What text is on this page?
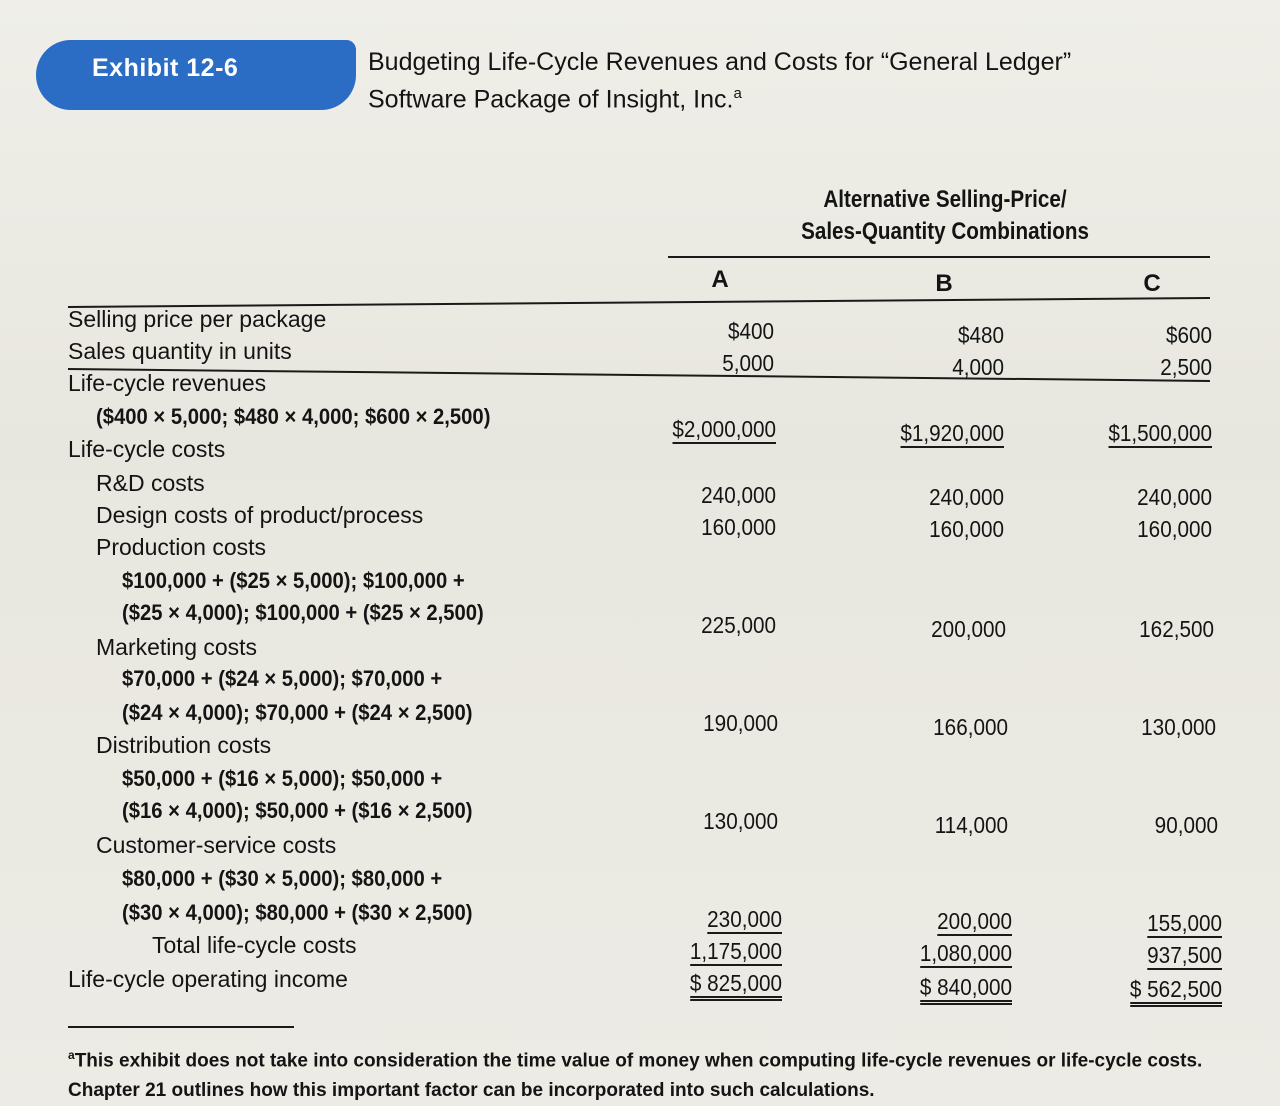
Exhibit 12-6	Budgeting Life-Cycle Revenues and Costs for “General Ledger”
Software Package of Insight, Inc.$^a$
Alternative Selling-Price/
Sales-Quantity Combinations
A	B	C
Selling price per package	$400	$480	$600
Sales quantity in units	5,000	4,000	2,500
Life-cycle revenues
($400 × 5,000; $480 × 4,000; $600 × 2,500)	$2,000,000	$1,920,000	$1,500,000
Life-cycle costs
R&D costs	240,000	240,000	240,000
Design costs of product/process	160,000	160,000	160,000
Production costs
$100,000 + ($25 × 5,000); $100,000 +
($25 × 4,000); $100,000 + ($25 × 2,500)	225,000	200,000	162,500
Marketing costs
$70,000 + ($24 × 5,000); $70,000 +
($24 × 4,000); $70,000 + ($24 × 2,500)	190,000	166,000	130,000
Distribution costs
$50,000 + ($16 × 5,000); $50,000 +
($16 × 4,000); $50,000 + ($16 × 2,500)	130,000	114,000	90,000
Customer-service costs
$80,000 + ($30 × 5,000); $80,000 +
($30 × 4,000); $80,000 + ($30 × 2,500)	230,000	200,000	155,000
Total life-cycle costs	1,175,000	1,080,000	937,500
Life-cycle operating income	$ 825,000	$ 840,000	$ 562,500
$^a$This exhibit does not take into consideration the time value of money when computing life-cycle revenues or life-cycle costs.
Chapter 21 outlines how this important factor can be incorporated into such calculations.
